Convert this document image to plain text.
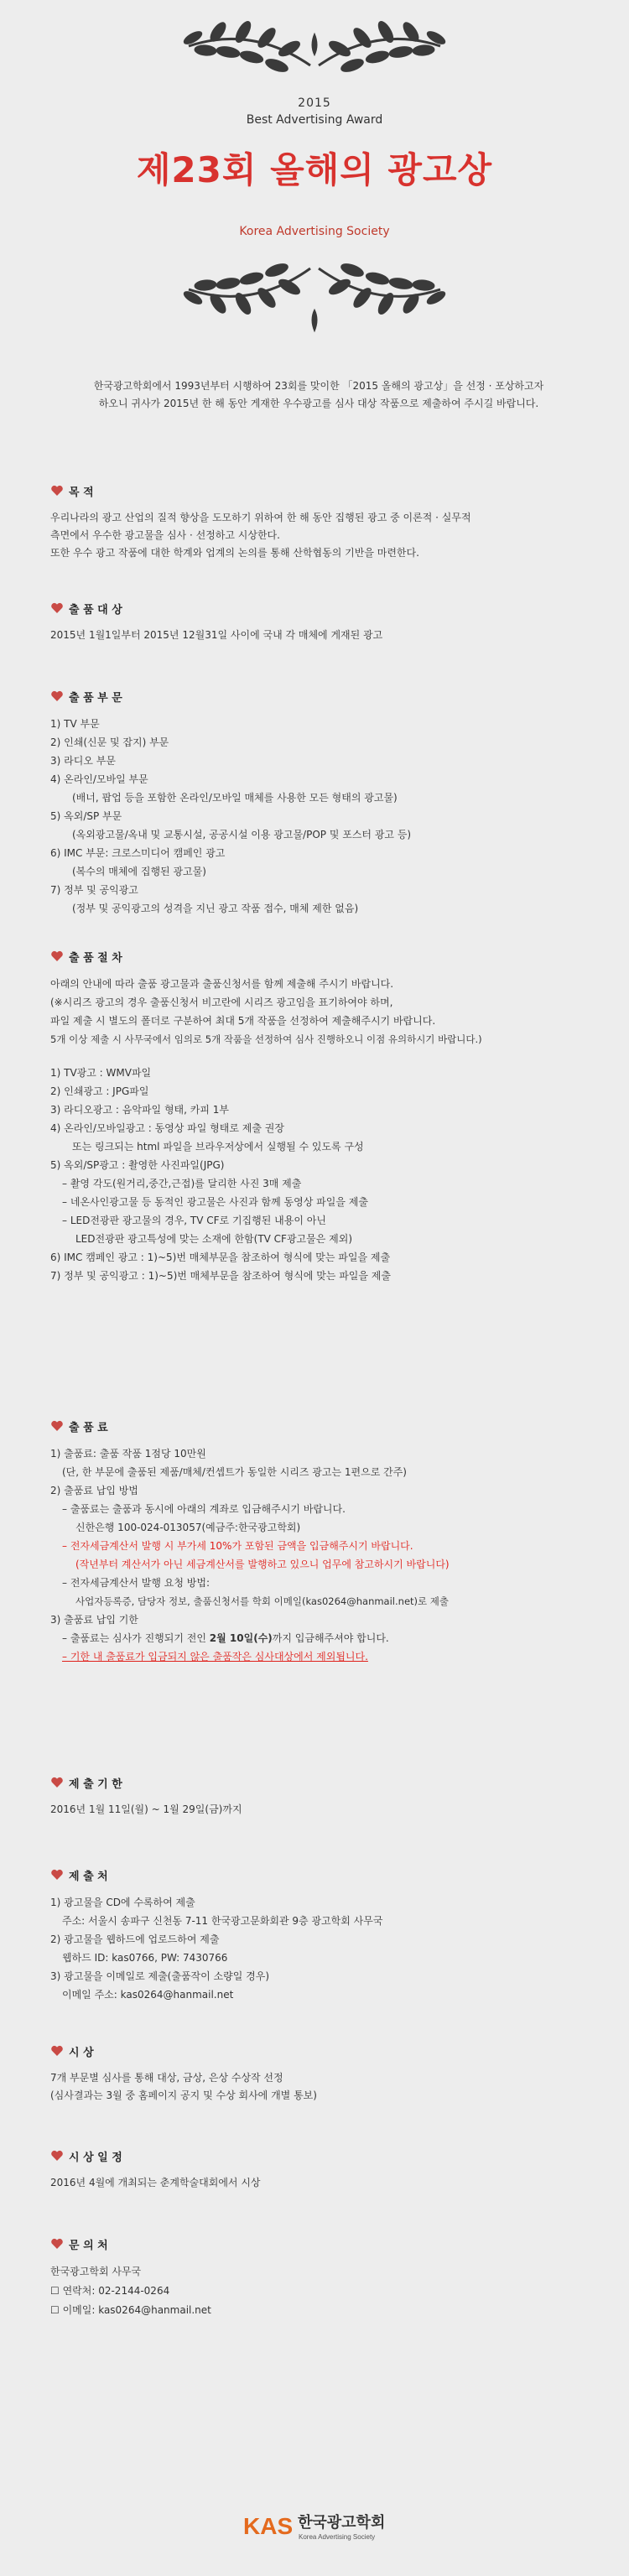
2015
Best Advertising Award
제23회 올해의 광고상
Korea Advertising Society
한국광고학회에서 1993년부터 시행하여 23회를 맞이한 「2015 올해의 광고상」을 선정 · 포상하고자
하오니 귀사가 2015년 한 해 동안 게재한 우수광고를 심사 대상 작품으로 제출하여 주시길 바랍니다.
목 적
우리나라의 광고 산업의 질적 향상을 도모하기 위하여 한 해 동안 집행된 광고 중 이론적 · 실무적
측면에서 우수한 광고물을 심사 · 선정하고 시상한다.
또한 우수 광고 작품에 대한 학계와 업계의 논의를 통해 산학협동의 기반을 마련한다.
출 품 대 상
2015년 1월1일부터 2015년 12월31일 사이에 국내 각 매체에 게재된 광고
출 품 부 문
1) TV 부문
2) 인쇄(신문 및 잡지) 부문
3) 라디오 부문
4) 온라인/모바일 부문
(배너, 팝업 등을 포함한 온라인/모바일 매체를 사용한 모든 형태의 광고물)
5) 옥외/SP 부문
(옥외광고물/옥내 및 교통시설, 공공시설 이용 광고물/POP 및 포스터 광고 등)
6) IMC 부문: 크로스미디어 캠페인 광고
(복수의 매체에 집행된 광고물)
7) 정부 및 공익광고
(정부 및 공익광고의 성격을 지닌 광고 작품 접수, 매체 제한 없음)
출 품 절 차
아래의 안내에 따라 출품 광고물과 출품신청서를 함께 제출해 주시기 바랍니다.
(※시리즈 광고의 경우 출품신청서 비고란에 시리즈 광고임을 표기하여야 하며,
파일 제출 시 별도의 폴더로 구분하여 최대 5개 작품을 선정하여 제출해주시기 바랍니다.
5개 이상 제출 시 사무국에서 임의로 5개 작품을 선정하여 심사 진행하오니 이점 유의하시기 바랍니다.)
1) TV광고 : WMV파일
2) 인쇄광고 : JPG파일
3) 라디오광고 : 음악파일 형태, 카피 1부
4) 온라인/모바일광고 : 동영상 파일 형태로 제출 권장
또는 링크되는 html 파일을 브라우저상에서 실행될 수 있도록 구성
5) 옥외/SP광고 : 촬영한 사진파일(JPG)
– 촬영 각도(원거리,중간,근접)를 달리한 사진 3매 제출
– 네온사인광고물 등 동적인 광고물은 사진과 함께 동영상 파일을 제출
– LED전광판 광고물의 경우, TV CF로 기집행된 내용이 아닌
LED전광판 광고특성에 맞는 소재에 한함(TV CF광고물은 제외)
6) IMC 캠페인 광고 : 1)~5)번 매체부문을 참조하여 형식에 맞는 파일을 제출
7) 정부 및 공익광고 : 1)~5)번 매체부문을 참조하여 형식에 맞는 파일을 제출
출 품 료
1) 출품료: 출품 작품 1점당 10만원
(단, 한 부문에 출품된 제품/매체/컨셉트가 동일한 시리즈 광고는 1편으로 간주)
2) 출품료 납입 방법
– 출품료는 출품과 동시에 아래의 계좌로 입금해주시기 바랍니다.
신한은행 100-024-013057(예금주:한국광고학회)
– 전자세금계산서 발행 시 부가세 10%가 포함된 금액을 입금해주시기 바랍니다.
(작년부터 계산서가 아닌 세금계산서를 발행하고 있으니 업무에 참고하시기 바랍니다)
– 전자세금계산서 발행 요청 방법:
사업자등록증, 담당자 정보, 출품신청서를 학회 이메일(kas0264@hanmail.net)로 제출
3) 출품료 납입 기한
– 출품료는 심사가 진행되기 전인 2월 10일(수)까지 입금해주셔야 합니다.
– 기한 내 출품료가 입금되지 않은 출품작은 심사대상에서 제외됩니다.
제 출 기 한
2016년 1월 11일(월) ~ 1월 29일(금)까지
제 출 처
1) 광고물을 CD에 수록하여 제출
주소: 서울시 송파구 신천동 7-11 한국광고문화회관 9층 광고학회 사무국
2) 광고물을 웹하드에 업로드하여 제출
웹하드 ID: kas0766, PW: 7430766
3) 광고물을 이메일로 제출(출품작이 소량일 경우)
이메일 주소: kas0264@hanmail.net
시 상
7개 부문별 심사를 통해 대상, 금상, 은상 수상작 선정
(심사결과는 3월 중 홈페이지 공지 및 수상 회사에 개별 통보)
시 상 일 정
2016년 4월에 개최되는 춘계학술대회에서 시상
문 의 처
한국광고학회 사무국
☐ 연락처: 02-2144-0264
☐ 이메일: kas0264@hanmail.net
KAS 한국광고학회
Korea Advertising Society
